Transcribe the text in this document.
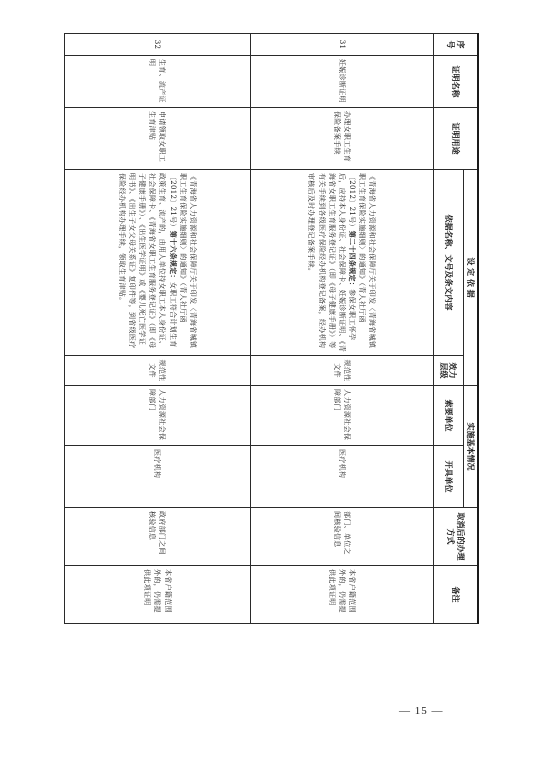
序号	证明名称	证明用途	设 定 依 据		实施基本情况		取消后的办理方式	备注
			依据名称、文号及条文内容	效力层级	索要单位	开具单位		
31	妊娠诊断证明	办理女职工生育保险备案手续	《青海省人力资源和社会保障厅关于印发〈青海省城镇职工生育保险实施细则〉的通知》（青人社厅函〔2012〕21号）第二十四条规定：参保女职工怀孕后，应持本人身份证、社会保障卡、妊娠诊断证明、《青海省女职工生育服务登记证》（即《母子健康手册》）等有关手续到各级医疗保险经办机构登记备案，经办机构审核后及时办理登记备案手续。	规范性文件	人力资源社会保障部门	医疗机构	部门、单位之间核验信息	本省户籍范围外的，仍需提供此项证明
32	生育、流产证明	申请领取女职工生育津贴	《青海省人力资源和社会保障厅关于印发〈青海省城镇职工生育保险实施细则〉的通知》（青人社厅函〔2012〕21号）第十六条规定：女职工符合计划生育政策生育、流产的，由用人单位持女职工本人身份证、社会保障卡、《青海省女职工生育服务登记证》（即《母子健康手册》）、《出生医学证明》或《婴儿死亡医学证明书》、《出生子女父母关系证》复印件等，到省级医疗保险经办机构办理手续，领取生育津贴。	规范性文件	人力资源社会保障部门	医疗机构	政府部门之间核验信息	本省户籍范围外的，仍需提供此项证明
— 15 —
